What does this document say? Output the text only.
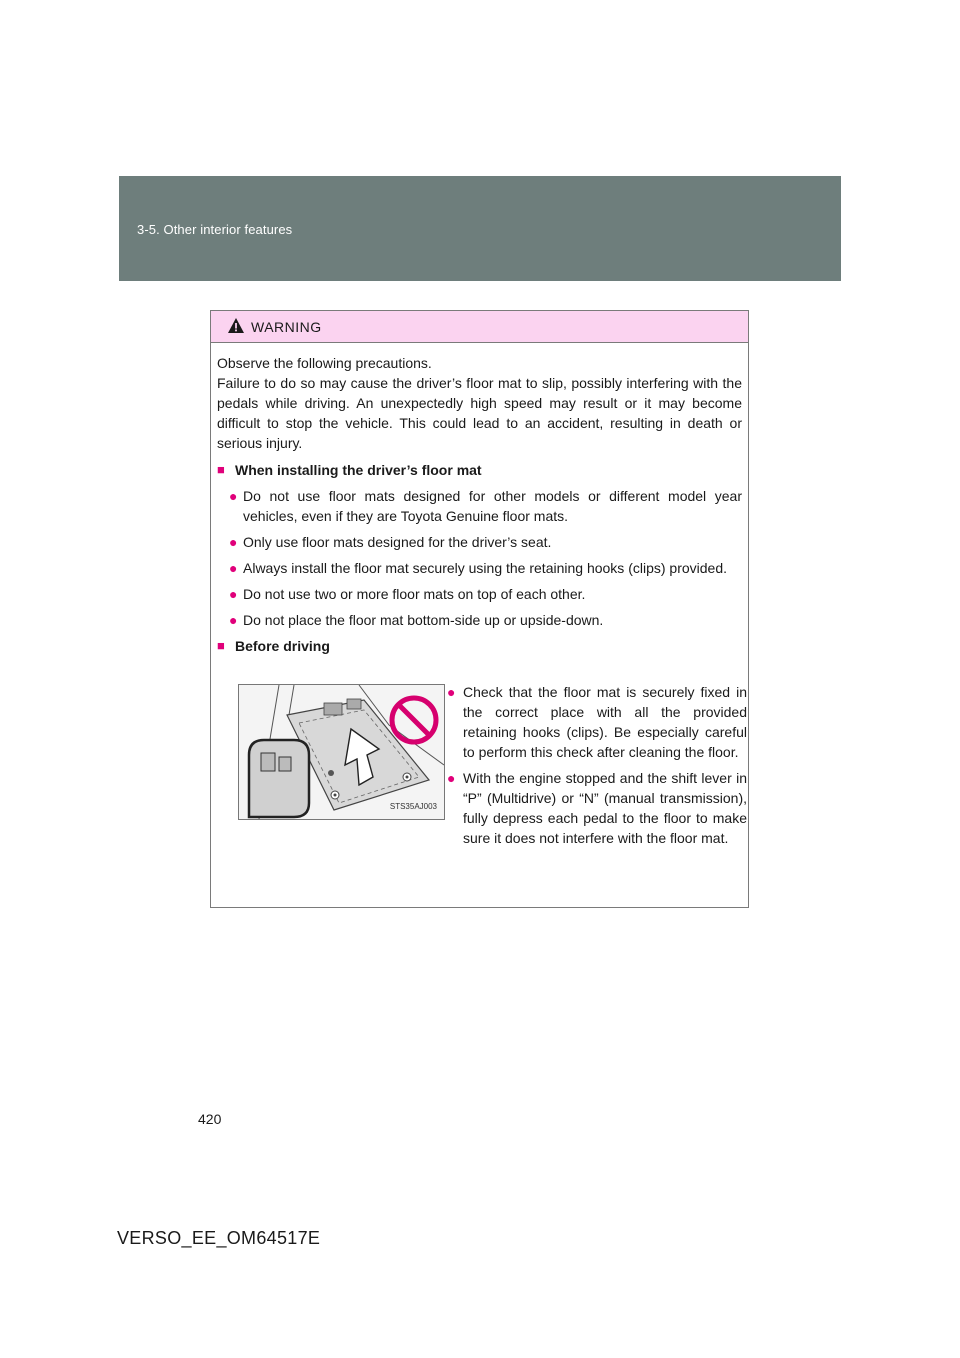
3-5. Other interior features
WARNING

Observe the following precautions.

Failure to do so may cause the driver’s floor mat to slip, possibly interfering with the pedals while driving. An unexpectedly high speed may result or it may become difficult to stop the vehicle. This could lead to an accident, resulting in death or serious injury.

■ When installing the driver’s floor mat
● Do not use floor mats designed for other models or different model year vehicles, even if they are Toyota Genuine floor mats.
● Only use floor mats designed for the driver’s seat.
● Always install the floor mat securely using the retaining hooks (clips) provided.
● Do not use two or more floor mats on top of each other.
● Do not place the floor mat bottom-side up or upside-down.
■ Before driving
STS35AJ003
● Check that the floor mat is securely fixed in the correct place with all the provided retaining hooks (clips). Be especially careful to perform this check after cleaning the floor.
● With the engine stopped and the shift lever in “P” (Multidrive) or “N” (manual transmission), fully depress each pedal to the floor to make sure it does not interfere with the floor mat.
420
VERSO_EE_OM64517E
